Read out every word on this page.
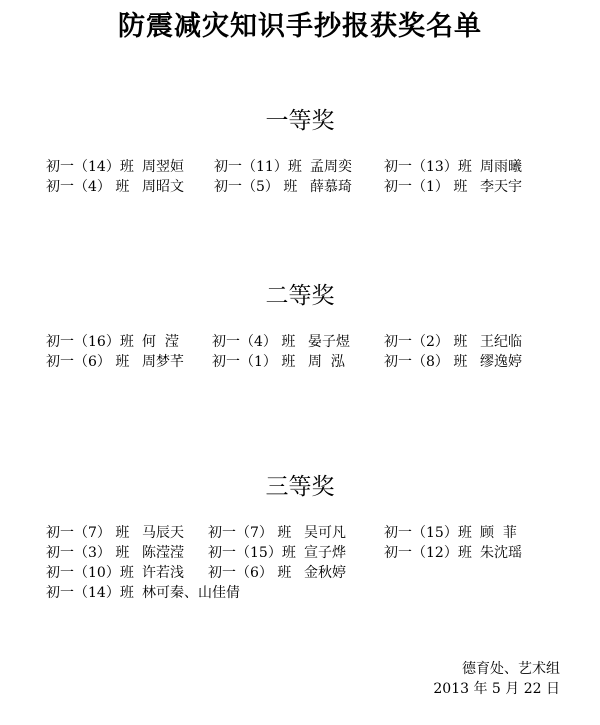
防震减灾知识手抄报获奖名单
一等奖
初一（14）班 周翌姮 初一（11）班 孟周奕 初一（13）班 周雨曦
初一（4） 班 周昭文 初一（5） 班 薛慕琦 初一（1） 班 李天宇
二等奖
初一（16）班 何  滢 初一（4） 班 晏子煜 初一（2） 班 王纪临
初一（6） 班 周梦芊 初一（1） 班 周  泓	初一（8） 班 缪逸婷
三等奖
初一（7） 班 马辰天 初一（7） 班 吴可凡	初一（15）班 顾  菲
初一（3） 班 陈滢滢 初一（15）班 宣子烨	初一（12）班 朱沈瑶
初一（10）班 许若浅 初一（6） 班 金秋婷
初一（14）班 林可秦、山佳倩
德育处、艺术组
2013 年 5 月 22 日
